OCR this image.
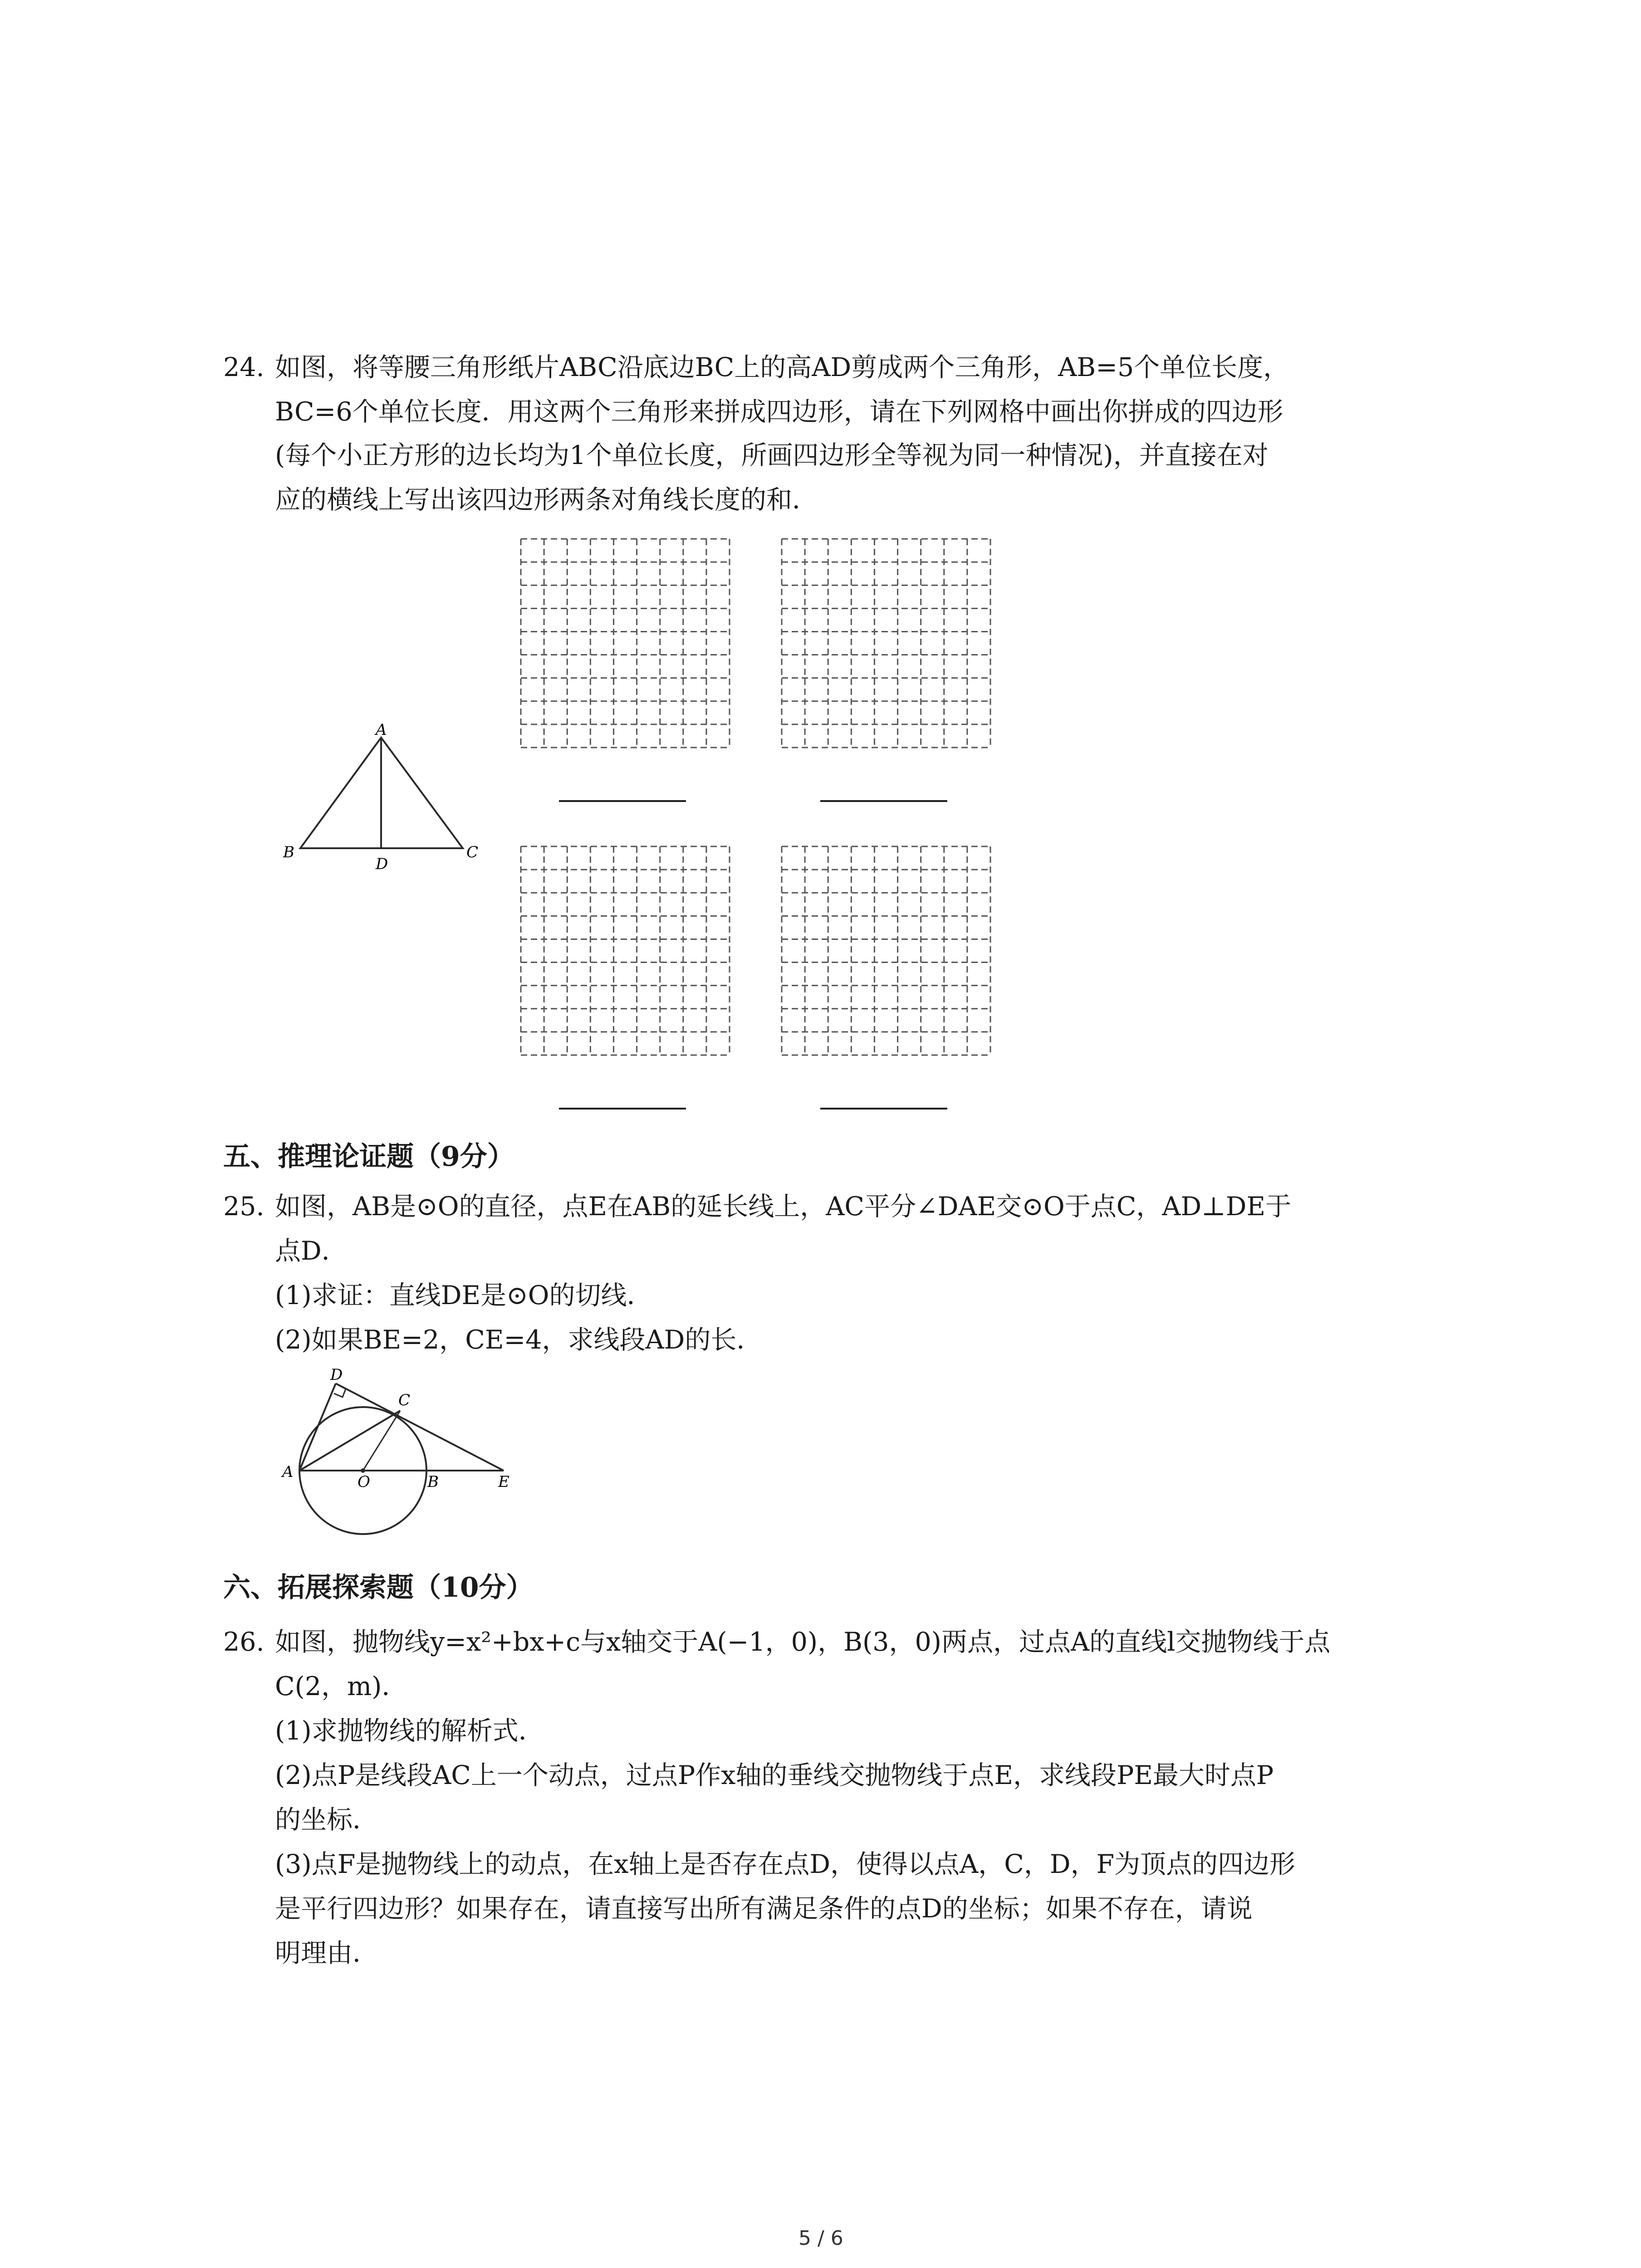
24. 如图，将等腰三角形纸片ABC沿底边BC上的高AD剪成两个三角形，AB=5个单位长度，
BC=6个单位长度．用这两个三角形来拼成四边形，请在下列网格中画出你拼成的四边形
(每个小正方形的边长均为1个单位长度，所画四边形全等视为同一种情况)，并直接在对
应的横线上写出该四边形两条对角线长度的和．
A
B
D
C
五、推理论证题（9分）
25. 如图，AB是⊙O的直径，点E在AB的延长线上，AC平分∠DAE交⊙O于点C，AD⊥DE于
点D．
(1)求证：直线DE是⊙O的切线．
(2)如果BE=2，CE=4，求线段AD的长．
D
C
A
O	B	E
六、拓展探索题（10分）
26. 如图，抛物线y=x²+bx+c与x轴交于A(−1，0)，B(3，0)两点，过点A的直线l交抛物线于点
C(2，m)．
(1)求抛物线的解析式．
(2)点P是线段AC上一个动点，过点P作x轴的垂线交抛物线于点E，求线段PE最大时点P
的坐标．
(3)点F是抛物线上的动点，在x轴上是否存在点D，使得以点A，C，D，F为顶点的四边形
是平行四边形？如果存在，请直接写出所有满足条件的点D的坐标；如果不存在，请说
明理由．
5 / 6
